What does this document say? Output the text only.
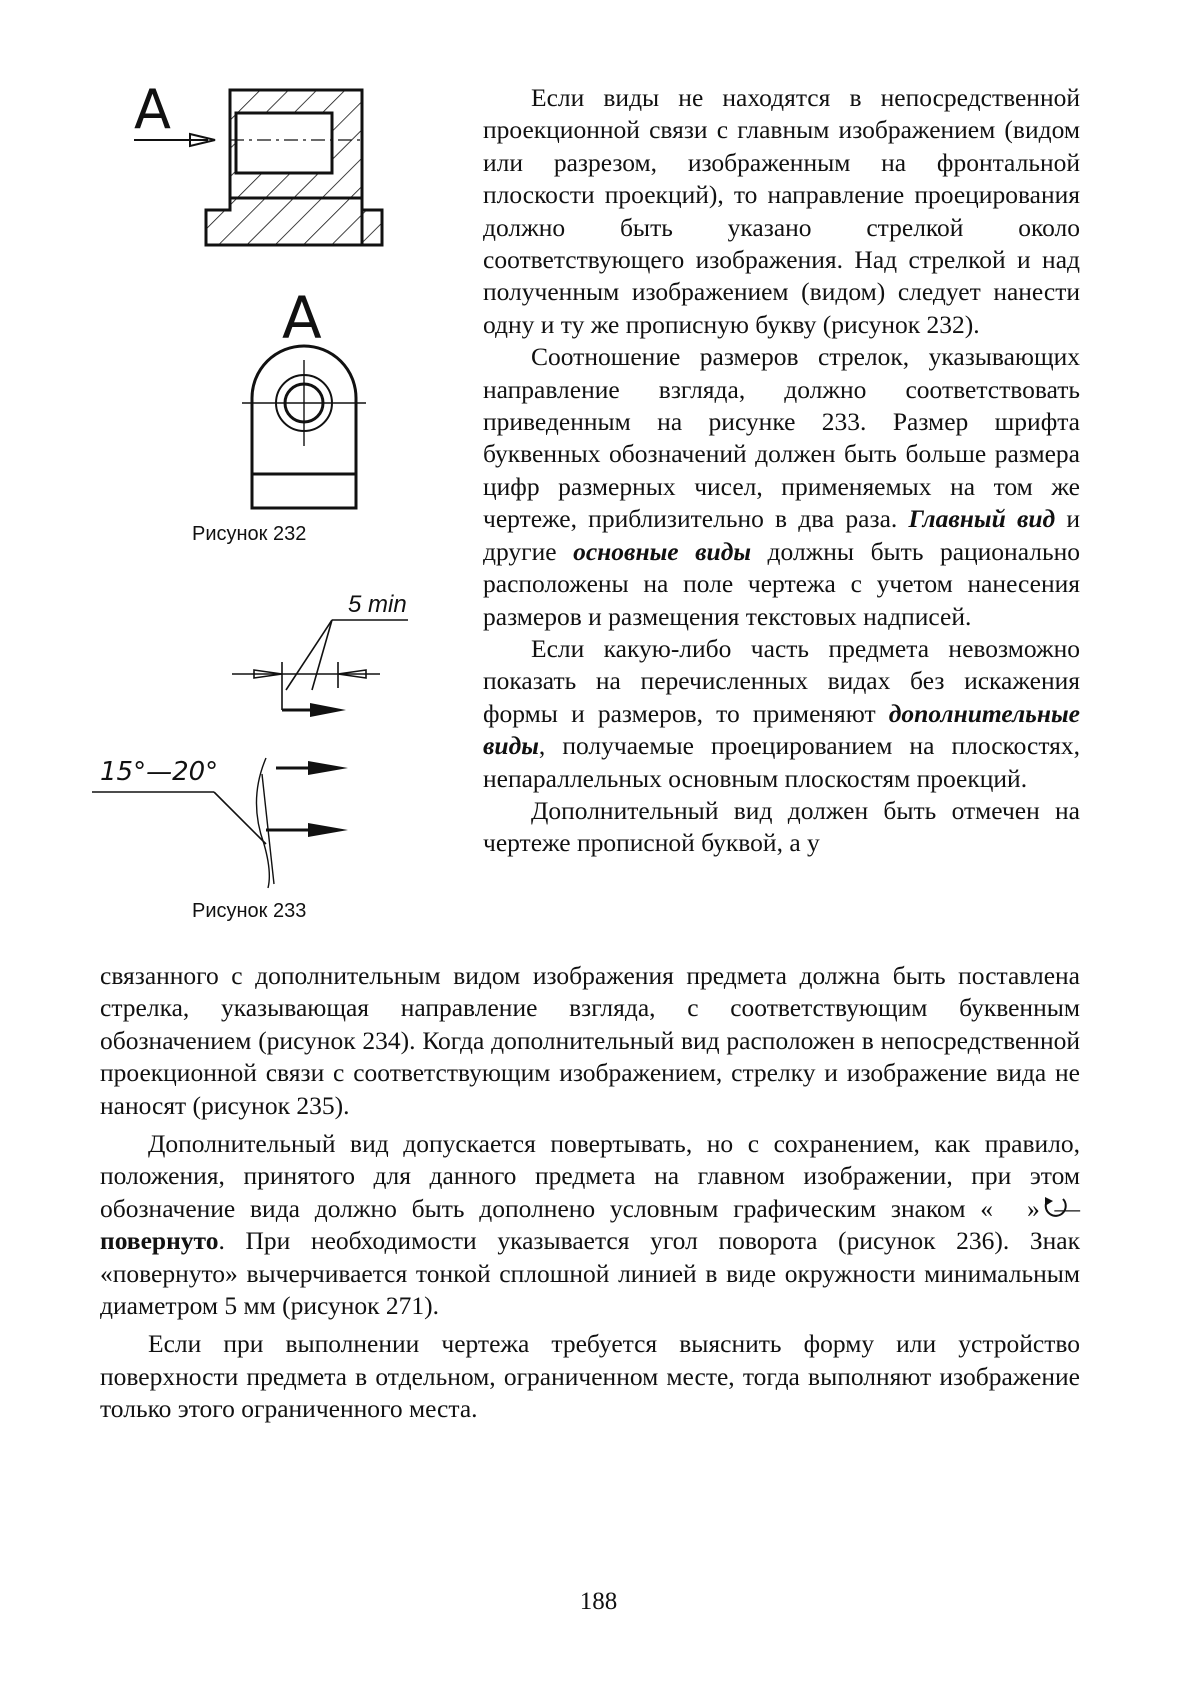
A
A
Рисунок 232
5 min
15°—20°
Рисунок 233

Если виды не находятся в непосредственной проекционной связи с главным изображением (видом или разрезом, изображенным на фронтальной плоскости проекций), то направление проецирования должно быть указано стрелкой около соответствующего изображения. Над стрелкой и над полученным изображением (видом) следует нанести одну и ту же прописную букву (рисунок 232).

Соотношение размеров стрелок, указывающих направление взгляда, должно соответствовать приведенным на рисунке 233. Размер шрифта буквенных обозначений должен быть больше размера цифр размерных чисел, применяемых на том же чертеже, приблизительно в два раза. Главный вид и другие основные виды должны быть рационально расположены на поле чертежа с учетом нанесения размеров и размещения текстовых надписей.

Если какую-либо часть предмета невозможно показать на перечисленных видах без искажения формы и размеров, то применяют дополнительные виды, получаемые проецированием на плоскостях, непараллельных основным плоскостям проекций.

Дополнительный вид должен быть отмечен на чертеже прописной буквой, а у

связанного с дополнительным видом изображения предмета должна быть поставлена стрелка, указывающая направление взгляда, с соответствующим буквенным обозначением (рисунок 234). Когда дополнительный вид расположен в непосредственной проекционной связи с соответствующим изображением, стрелку и изображение вида не наносят (рисунок 235).

Дополнительный вид допускается повертывать, но с сохранением, как правило, положения, принятого для данного предмета на главном изображении, при этом обозначение вида должно быть дополнено условным графическим знаком « » — повернуто. При необходимости указывается угол поворота (рисунок 236). Знак «повернуто» вычерчивается тонкой сплошной линией в виде окружности минимальным диаметром 5 мм (рисунок 271).

Если при выполнении чертежа требуется выяснить форму или устройство поверхности предмета в отдельном, ограниченном месте, тогда выполняют изображение только этого ограниченного места.

188
